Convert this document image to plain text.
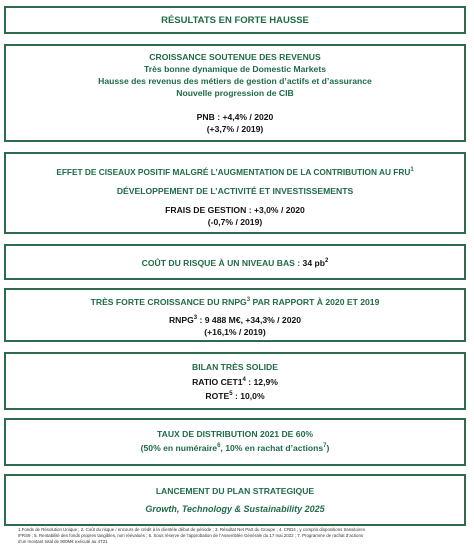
RÉSULTATS EN FORTE HAUSSE
CROISSANCE SOUTENUE DES REVENUS
Très bonne dynamique de Domestic Markets
Hausse des revenus des métiers de gestion d’actifs et d’assurance
Nouvelle progression de CIB
PNB : +4,4% / 2020
(+3,7% / 2019)
EFFET DE CISEAUX POSITIF MALGRÉ L’AUGMENTATION DE LA CONTRIBUTION AU FRU$^1$
DÉVELOPPEMENT DE L’ACTIVITÉ ET INVESTISSEMENTS
FRAIS DE GESTION : +3,0% / 2020
(-0,7% / 2019)
COÛT DU RISQUE À UN NIVEAU BAS : 34 $pb^2$
TRÈS FORTE CROISSANCE DU RNPG$^3$ PAR RAPPORT À 2020 ET 2019
RNPG$^3$ : 9 488 M€, +34,3% / 2020
(+16,1% / 2019)
BILAN TRÈS SOLIDE
RATIO $CET1^4$ : 12,9%
ROTE$^5$ : 10,0%
TAUX DE DISTRIBUTION 2021 DE 60%
(50% en numéraire$^6$, 10% en rachat d’actions$^7$)
LANCEMENT DU PLAN STRATEGIQUE
Growth, Technology & Sustainability 2025
1.Fonds de Résolution Unique ; 2. Coût du risque / encours de crédit à la clientèle début de période ; 3. Résultat Net Part du Groupe ; 4. CRD4 ; y compris dispositions transitoires
IFRS9 ; 5. Rentabilité des fonds propres tangibles, non réévalués ; 6. Sous réserve de l’approbation de l’Assemblée Générale du 17 mai 2022 ; 7. Programme de rachat d’actions
d’un montant total de 900M€ exécuté au 4T21
